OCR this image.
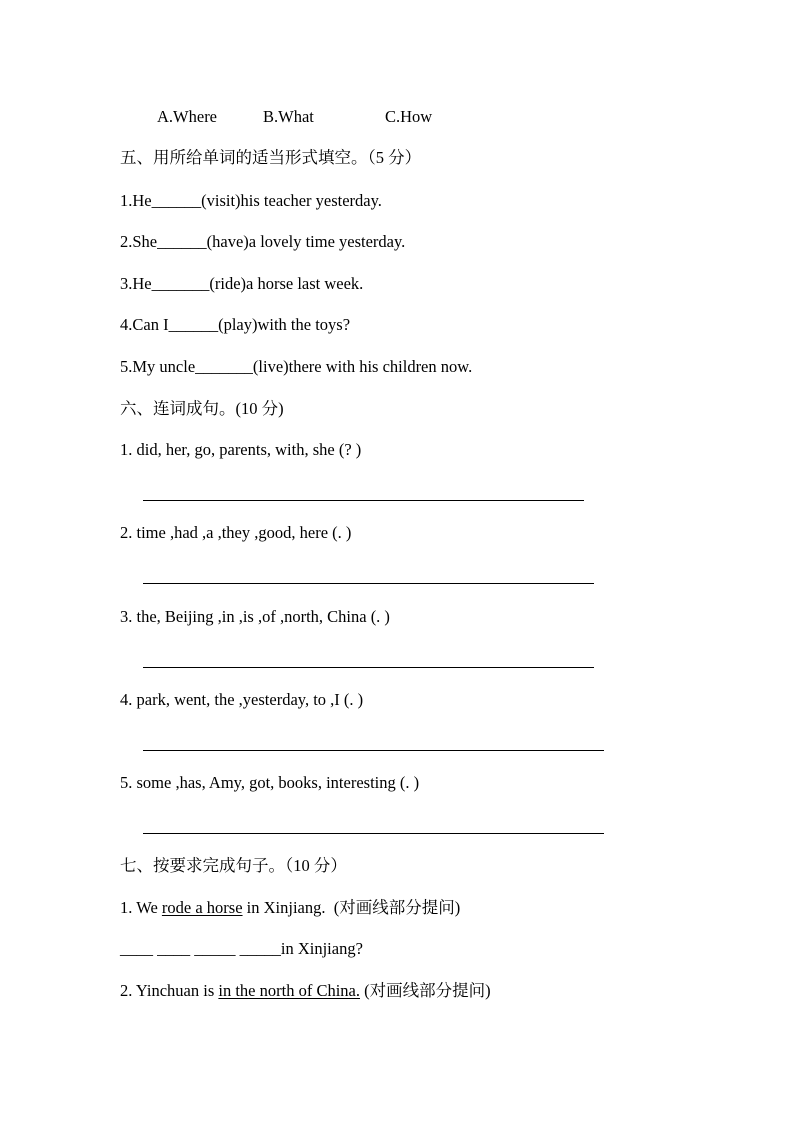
A.Where	B.What	C.How
五、用所给单词的适当形式填空。（5 分）
1.He______(visit)his teacher yesterday.
2.She______(have)a lovely time yesterday.
3.He_______(ride)a horse last week.
4.Can I______(play)with the toys?
5.My uncle_______(live)there with his children now.
六、连词成句。(10 分)
1. did, her, go, parents, with, she (? )
2. time ,had ,a ,they ,good, here (. )
3. the, Beijing ,in ,is ,of ,north, China (. )
4. park, went, the ,yesterday, to ,I (. )
5. some ,has, Amy, got, books, interesting (. )
七、按要求完成句子。（10 分）
1. We rode a horse in Xinjiang.  (对画线部分提问)
____ ____ _____ _____in Xinjiang?
2. Yinchuan is in the north of China. (对画线部分提问)
